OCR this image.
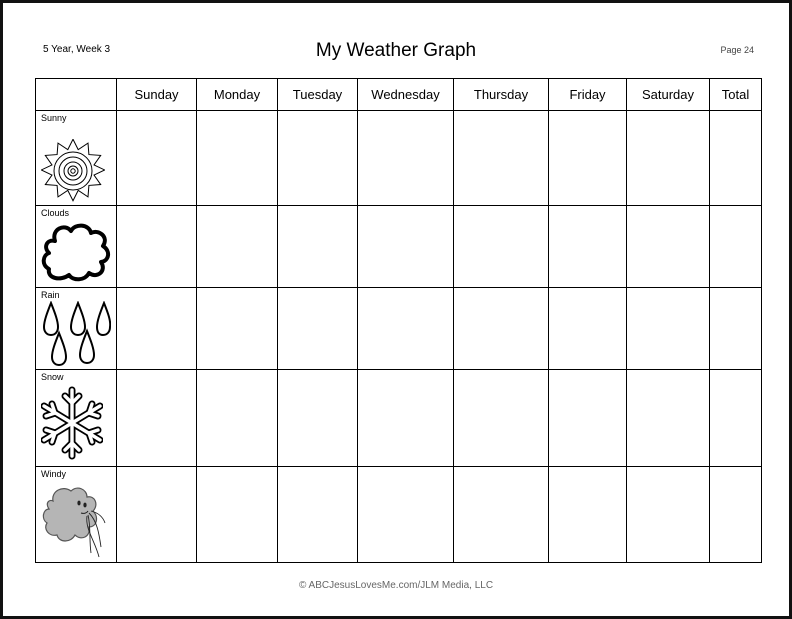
5 Year, Week 3	My Weather Graph	Page 24
	Sunday	Monday	Tuesday	Wednesday	Thursday	Friday	Saturday	Total

Sunny								

Clouds								

Rain								

Snow								

Windy								

© ABCJesusLovesMe.com/JLM Media, LLC
